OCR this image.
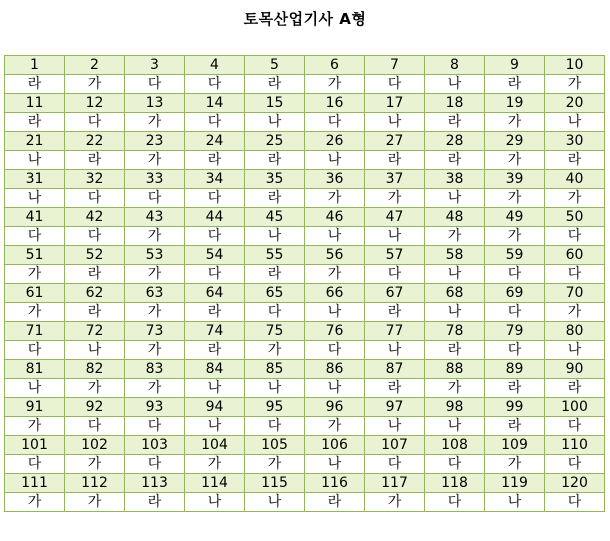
토목산업기사 A형
1	2	3	4	5	6	7	8	9	10
라	가	다	다	라	가	다	나	라	가
11	12	13	14	15	16	17	18	19	20
라	다	가	다	나	다	나	라	가	나
21	22	23	24	25	26	27	28	29	30
나	라	가	라	라	나	라	라	가	라
31	32	33	34	35	36	37	38	39	40
나	다	다	다	라	가	가	나	가	가
41	42	43	44	45	46	47	48	49	50
다	다	가	다	나	나	나	가	가	다
51	52	53	54	55	56	57	58	59	60
가	라	가	다	라	가	다	나	다	다
61	62	63	64	65	66	67	68	69	70
가	라	가	라	다	나	라	나	다	가
71	72	73	74	75	76	77	78	79	80
다	나	가	라	가	다	나	라	다	나
81	82	83	84	85	86	87	88	89	90
나	가	가	나	나	나	라	가	라	라
91	92	93	94	95	96	97	98	99	100
가	다	다	나	다	가	나	나	라	다
101	102	103	104	105	106	107	108	109	110
다	가	다	가	가	나	다	다	가	다
111	112	113	114	115	116	117	118	119	120
가	가	라	나	나	라	가	다	나	다
